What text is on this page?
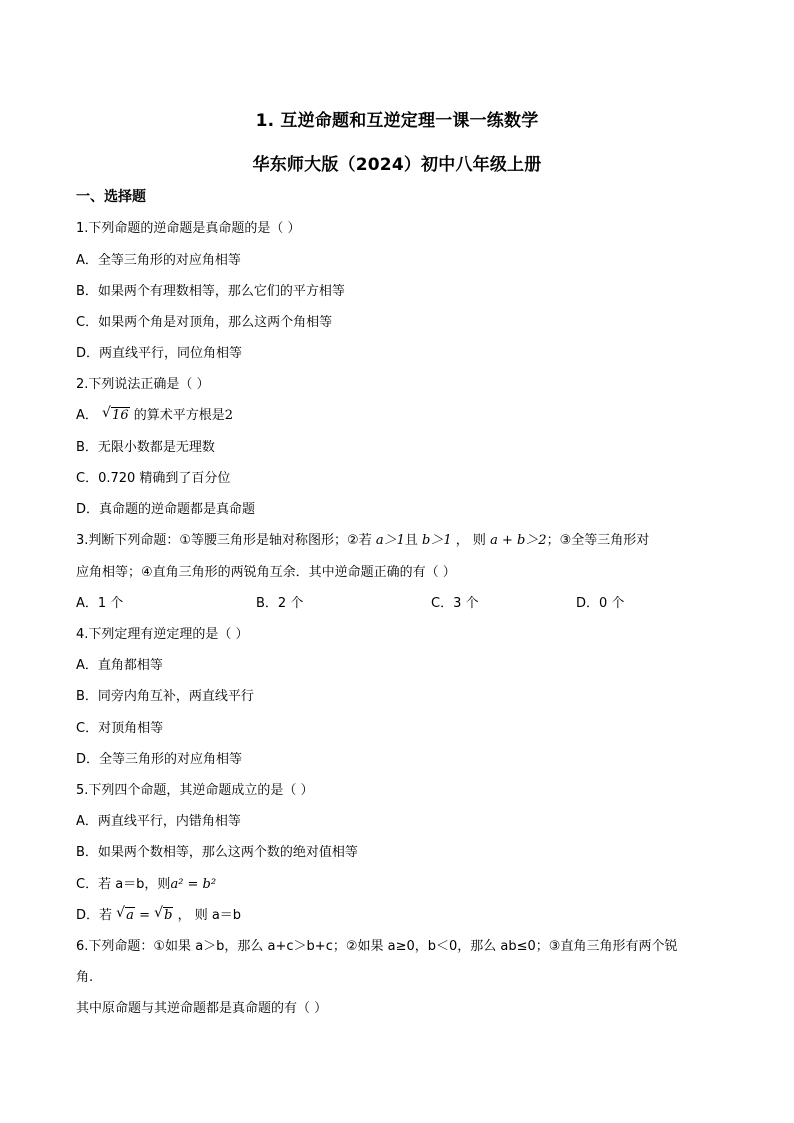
1. 互逆命题和互逆定理一课一练数学
华东师大版（2024）初中八年级上册
一、选择题
1.下列命题的逆命题是真命题的是（ ）
A．全等三角形的对应角相等
B．如果两个有理数相等，那么它们的平方相等
C．如果两个角是对顶角，那么这两个角相等
D．两直线平行，同位角相等
2.下列说法正确是（ ）
A． √ 16 的算术平方根是2
B．无限小数都是无理数
C．0.720 精确到了百分位
D．真命题的逆命题都是真命题
3.判断下列命题：①等腰三角形是轴对称图形；②若 a＞1且 b＞1 ， 则 a + b＞2；③全等三角形对
应角相等；④直角三角形的两锐角互余．其中逆命题正确的有（ ）
A．1 个	B．2 个	C．3 个	D．0 个
4.下列定理有逆定理的是（ ）
A．直角都相等
B．同旁内角互补，两直线平行
C．对顶角相等
D．全等三角形的对应角相等
5.下列四个命题，其逆命题成立的是（ ）
A．两直线平行，内错角相等
B．如果两个数相等，那么这两个数的绝对值相等
C．若 a＝b，则a² = b²
D．若 √ a = √ b ， 则 a＝b
6.下列命题：①如果 a＞b，那么 a+c＞b+c；②如果 a≥0，b＜0，那么 ab≤0；③直角三角形有两个锐
角.
其中原命题与其逆命题都是真命题的有（ ）
